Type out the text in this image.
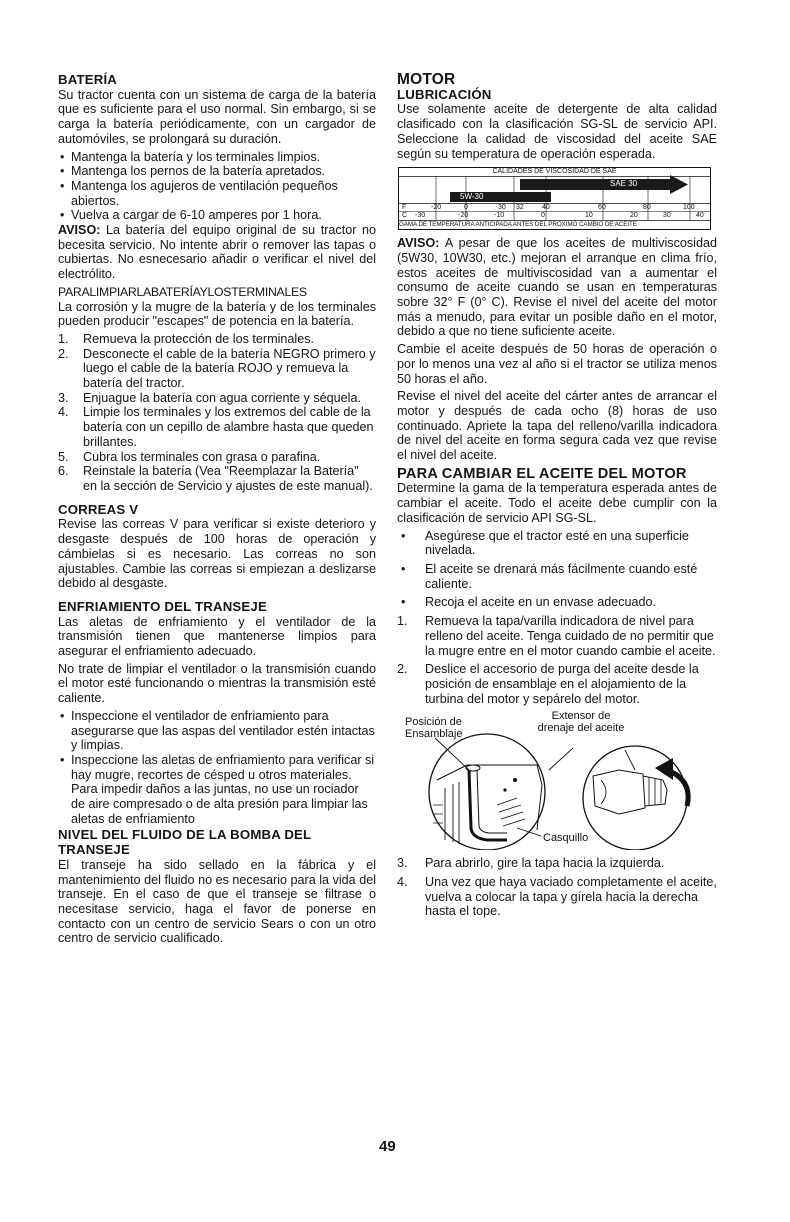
BATERÍA

Su tractor cuenta con un sistema de carga de la batería que es suficiente para el uso normal. Sin embargo, si se carga la batería periódicamente, con un cargador de automóviles, se prolongará su duración.

• Mantenga la batería y los terminales limpios.
• Mantenga los pernos de la batería apretados.
• Mantenga los agujeros de ventilación pequeños abiertos.
• Vuelva a cargar de 6-10 amperes por 1 hora.

AVISO: La batería del equipo original de su tractor no becesita servicio. No intente abrir o remover las tapas o cubiertas. No esnecesario añadir o verificar el nivel del electrólito.

PARALIMPIARLABATERÍAYLOSTERMINALES

La corrosión y la mugre de la batería y de los terminales pueden producir "escapes" de potencia en la batería.

1. Remueva la protección de los terminales.
2. Desconecte el cable de la batería NEGRO primero y luego el cable de la batería ROJO y remueva la batería del tractor.
3. Enjuague la batería con agua corriente y séquela.
4. Limpie los terminales y los extremos del cable de la batería con un cepillo de alambre hasta que queden brillantes.
5. Cubra los terminales con grasa o parafina.
6. Reinstale la batería (Vea "Reemplazar la Batería" en la sección de Servicio y ajustes de este manual).
CORREAS V

Revise las correas V para verificar si existe deterioro y desgaste después de 100 horas de operación y cámbielas si es necesario. Las correas no son ajustables. Cambie las correas si empiezan a deslizarse debido al desgaste.

ENFRIAMIENTO DEL TRANSEJE

Las aletas de enfriamiento y el ventilador de la transmisión tienen que mantenerse limpios para asegurar el enfriamiento adecuado.

No trate de limpiar el ventilador o la transmisión cuando el motor esté funcionando o mientras la transmisión esté caliente.

• Inspeccione el ventilador de enfriamiento para asegurarse que las aspas del ventilador estén intactas y limpias.
• Inspeccione las aletas de enfriamiento para verificar si hay mugre, recortes de césped u otros materiales. Para impedir daños a las juntas, no use un rociador de aire compresado o de alta presión para limpiar las aletas de enfriamiento
NIVEL DEL FLUIDO DE LA BOMBA DEL TRANSEJE

El transeje ha sido sellado en la fábrica y el mantenimiento del fluido no es necesario para la vida del transeje. En el caso de que el transeje se filtrase o necesitase servicio, haga el favor de ponerse en contacto con un centro de servicio Sears o con un otro centro de servicio cualificado.

MOTOR
LUBRICACIÓN

Use solamente aceite de detergente de alta calidad clasificado con la clasificación SG-SL de servicio API. Seleccione la calidad de viscosidad del aceite SAE según su temperatura de operación esperada.

CALIDADES DE VISCOSIDAD DE SAE
SAE 30
5W-30
F	-20	0	30 32	40	60	80	100
C -30	-20	-10	0	10	20	30	40
GAMA DE TEMPERATURA ANTICIPADA ANTES DEL PROXIMO CAMBIO DE ACEITE

AVISO: A pesar de que los aceites de multiviscosidad (5W30, 10W30, etc.) mejoran el arranque en clima frío, estos aceites de multiviscosidad van a aumentar el consumo de aceite cuando se usan en temperaturas sobre 32° F (0° C). Revise el nivel del aceite del motor más a menudo, para evitar un posible daño en el motor, debido a que no tiene suficiente aceite.

Cambie el aceite después de 50 horas de operación o por lo menos una vez al año si el tractor se utiliza menos 50 horas el año.

Revise el nivel del aceite del cárter antes de arrancar el motor y después de cada ocho (8) horas de uso continuado. Apriete la tapa del relleno/varilla indicadora de nivel del aceite en forma segura cada vez que revise el nivel del aceite.

PARA CAMBIAR EL ACEITE DEL MOTOR

Determine la gama de la temperatura esperada antes de cambiar el aceite. Todo el aceite debe cumplir con la clasificación de servicio API SG-SL.

• Asegúrese que el tractor esté en una superficie nivelada.
• El aceite se drenará más fácilmente cuando esté caliente.
• Recoja el aceite en un envase adecuado.
1. Remueva la tapa/varilla indicadora de nivel para relleno del aceite. Tenga cuidado de no permitir que la mugre entre en el motor cuando cambie el aceite.
2. Deslice el accesorio de purga del aceite desde la posición de ensamblaje en el alojamiento de la turbina del motor y sepárelo del motor.
Posición de Ensamblaje
Extensor de drenaje del aceite
Casquillo
3. Para abrirlo, gire la tapa hacia la izquierda.
4. Una vez que haya vaciado completamente el aceite, vuelva a colocar la tapa y gírela hacia la derecha hasta el tope.
49
